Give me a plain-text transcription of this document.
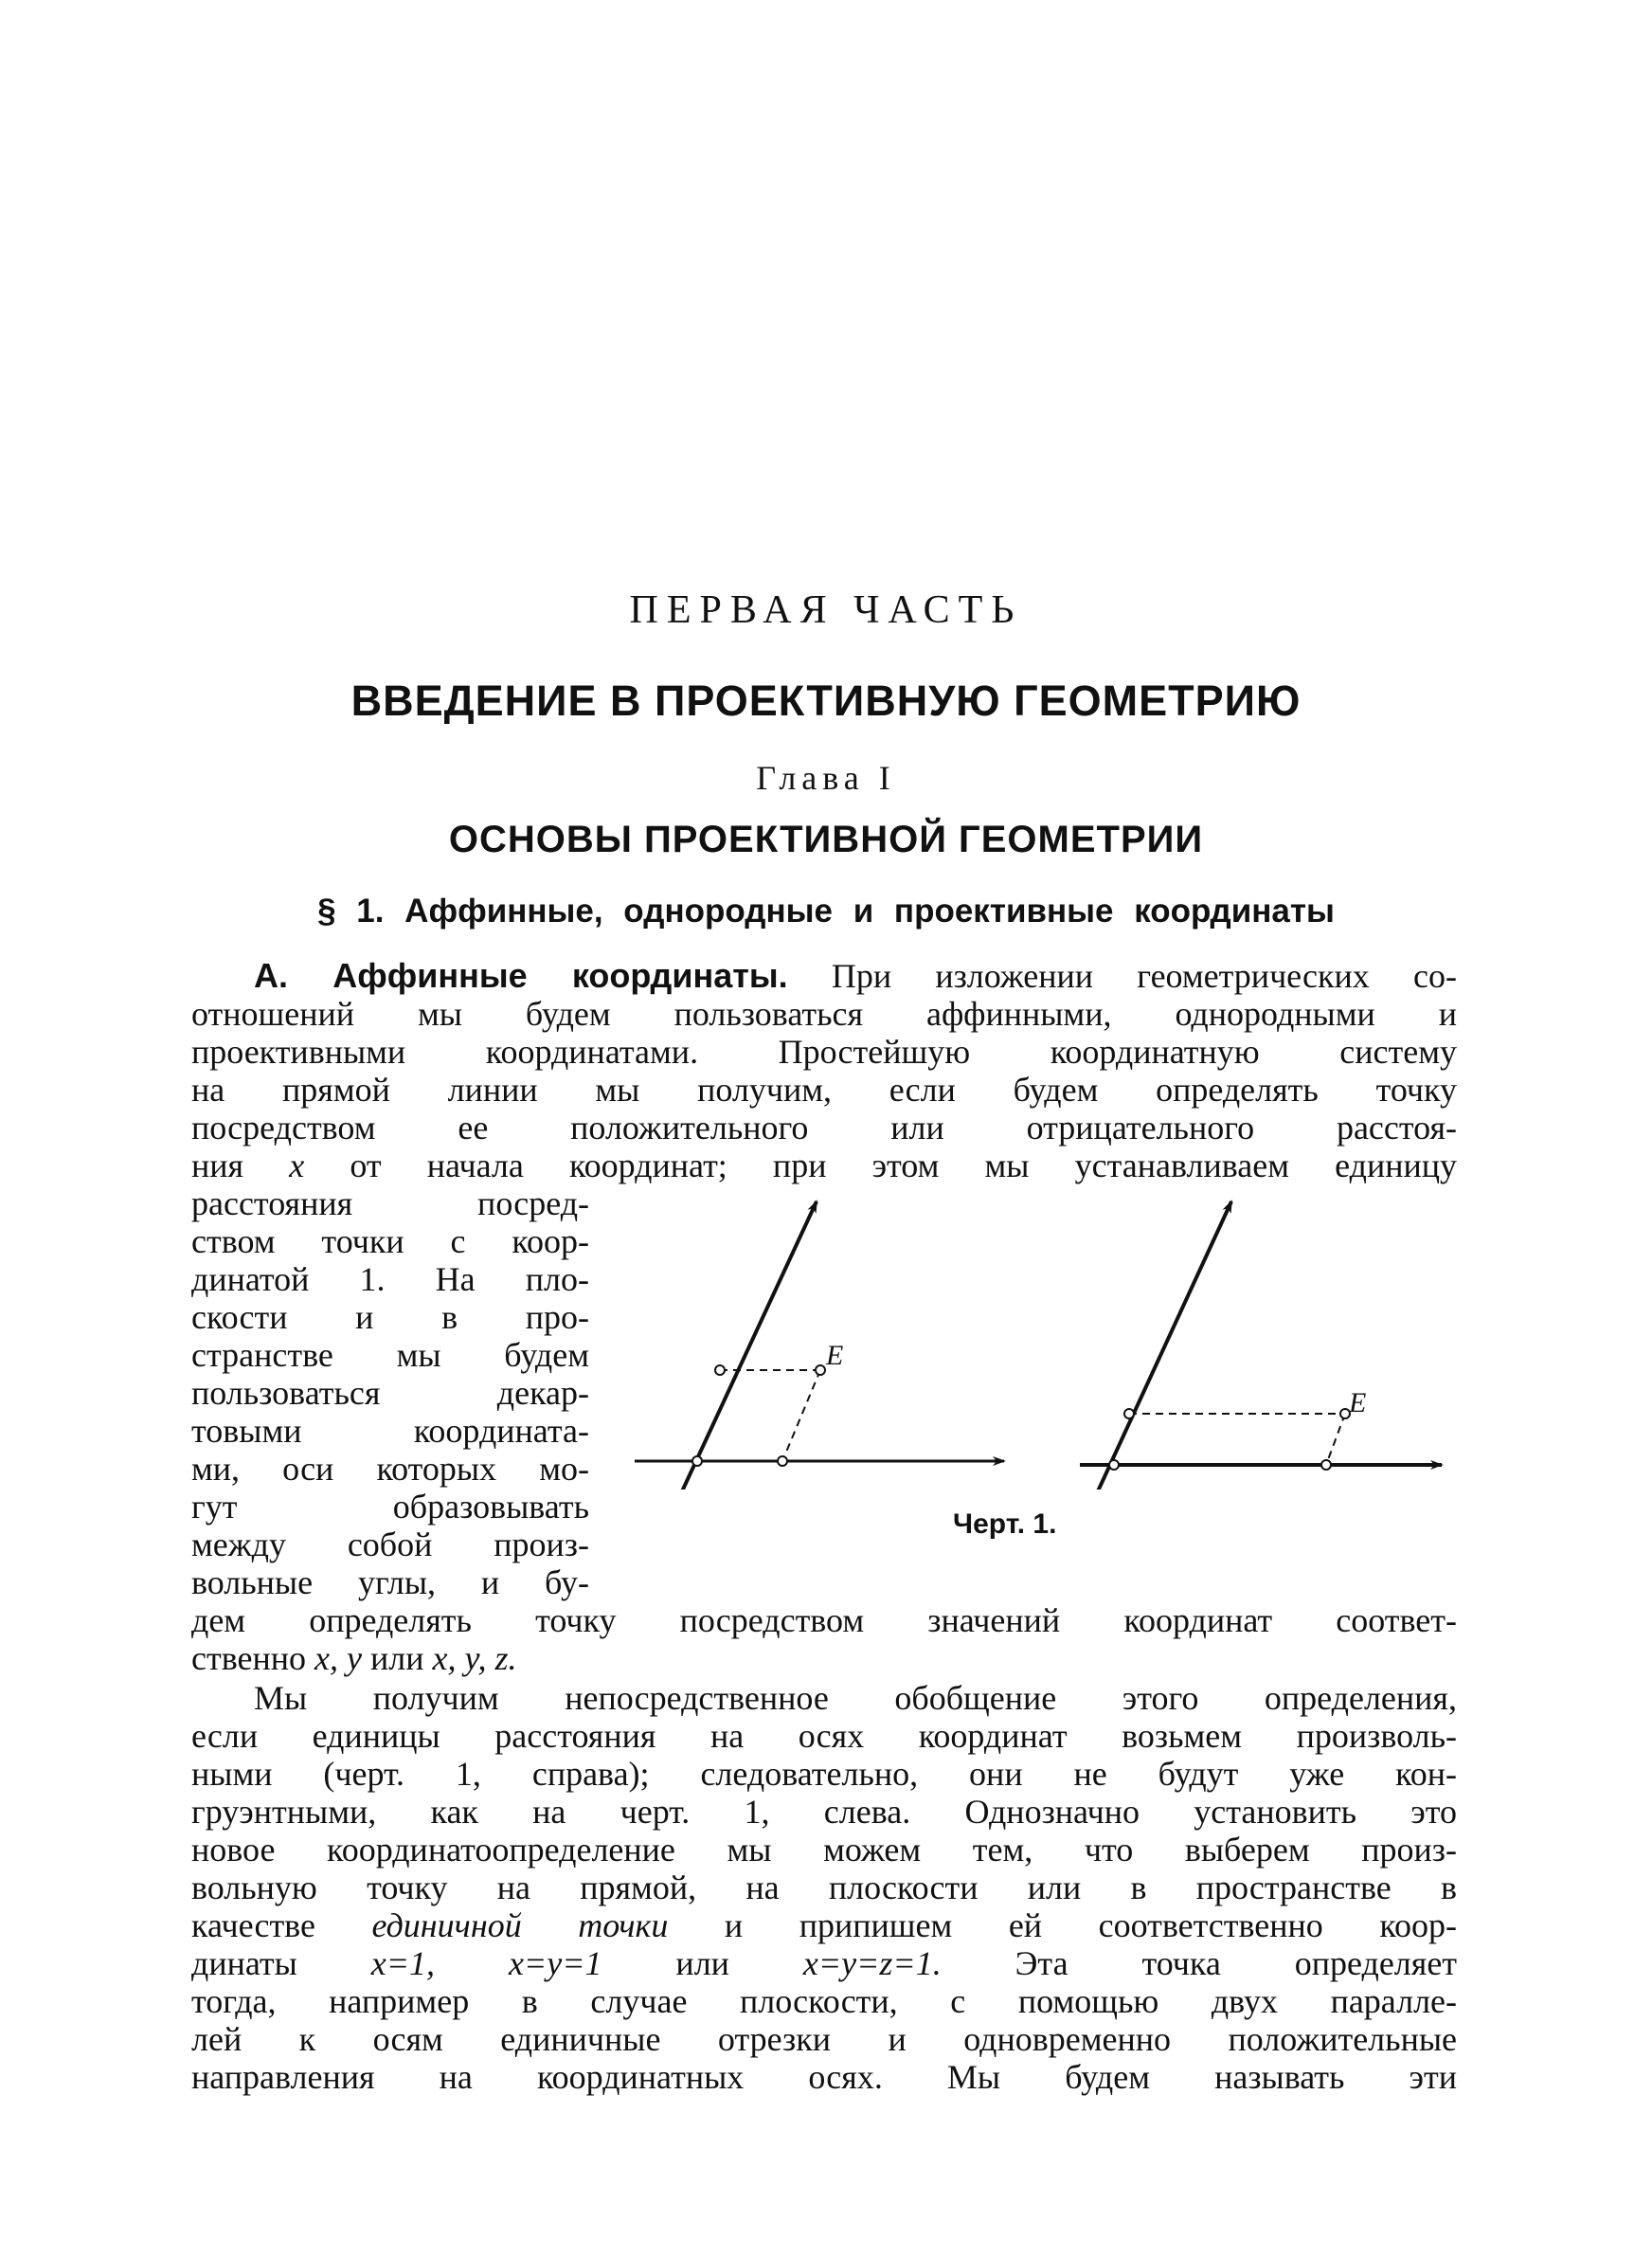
ПЕРВАЯ ЧАСТЬ
ВВЕДЕНИЕ В ПРОЕКТИВНУЮ ГЕОМЕТРИЮ
Глава I
ОСНОВЫ ПРОЕКТИВНОЙ ГЕОМЕТРИИ
§ 1. Аффинные, однородные и проективные координаты
А. Аффинные координаты. При изложении геометрических со-
отношений мы будем пользоваться аффинными, однородными и
проективными координатами. Простейшую координатную систему
на прямой линии мы получим, если будем определять точку
посредством ее положительного или отрицательного расстоя-
ния x от начала координат; при этом мы устанавливаем единицу
расстояния посред-
ством точки с коор-
динатой 1. На пло-
скости и в про-
странстве мы будем
пользоваться декар-
товыми координата-
ми, оси которых мо-
гут образовывать
между собой произ-
вольные углы, и бу-
E
E
Черт. 1.
дем определять точку посредством значений координат соответ-
ственно x, y или x, y, z.
Мы получим непосредственное обобщение этого определения,
если единицы расстояния на осях координат возьмем произволь-
ными (черт. 1, справа); следовательно, они не будут уже кон-
груэнтными, как на черт. 1, слева. Однозначно установить это
новое координатоопределение мы можем тем, что выберем произ-
вольную точку на прямой, на плоскости или в пространстве в
качестве единичной точки и припишем ей соответственно коор-
динаты x=1, x=y=1 или x=y=z=1. Эта точка определяет
тогда, например в случае плоскости, с помощью двух паралле-
лей к осям единичные отрезки и одновременно положительные
направления на координатных осях. Мы будем называть эти
